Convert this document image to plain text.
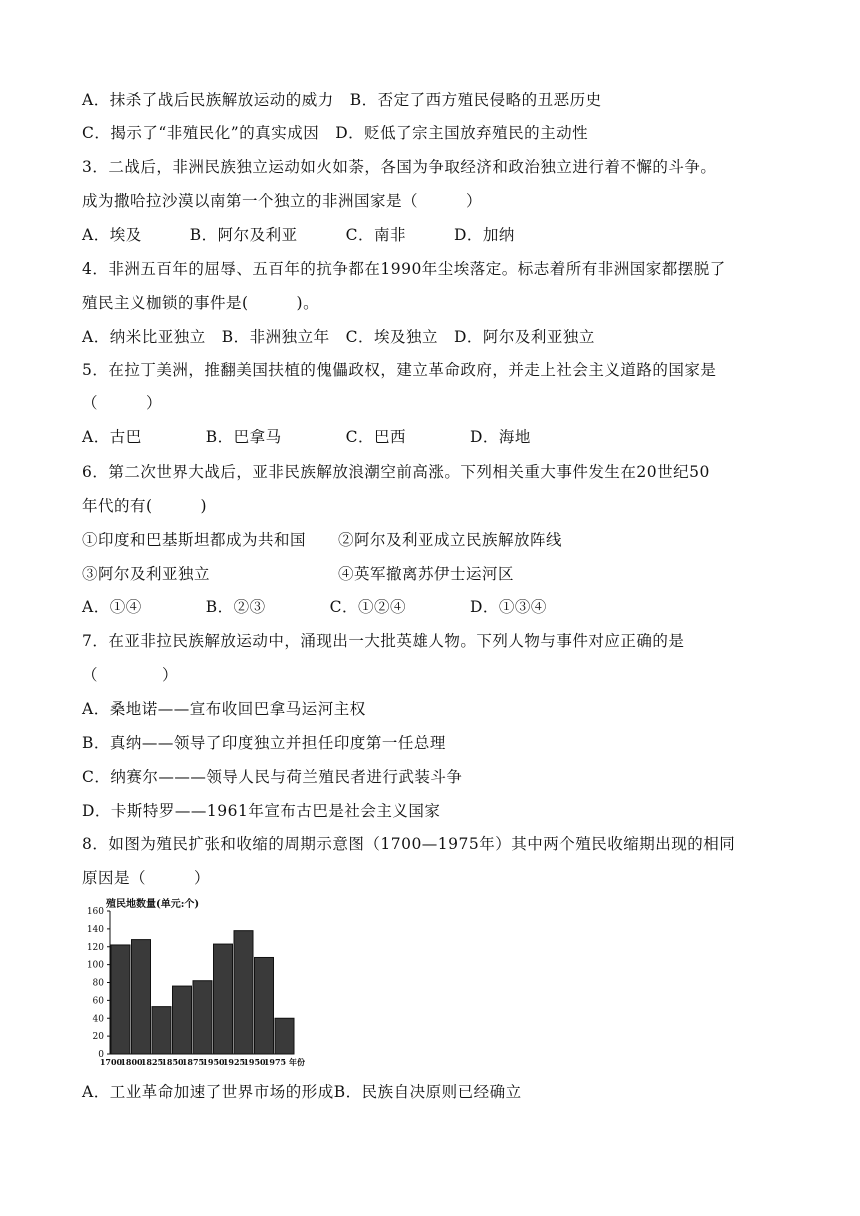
A．抹杀了战后民族解放运动的威力　B．否定了西方殖民侵略的丑恶历史
C．揭示了“非殖民化”的真实成因　D．贬低了宗主国放弃殖民的主动性
3．二战后，非洲民族独立运动如火如荼，各国为争取经济和政治独立进行着不懈的斗争。
成为撒哈拉沙漠以南第一个独立的非洲国家是（　　　）
A．埃及　　　B．阿尔及利亚　　　C．南非　　　D．加纳
4．非洲五百年的屈辱、五百年的抗争都在1990年尘埃落定。标志着所有非洲国家都摆脱了
殖民主义枷锁的事件是(　　　)。
A．纳米比亚独立　B．非洲独立年　C．埃及独立　D．阿尔及利亚独立
5．在拉丁美洲，推翻美国扶植的傀儡政权，建立革命政府，并走上社会主义道路的国家是
（　　　）
A．古巴　　　　B．巴拿马　　　　C．巴西　　　　D．海地
6．第二次世界大战后，亚非民族解放浪潮空前高涨。下列相关重大事件发生在20世纪50
年代的有(　　　)
①印度和巴基斯坦都成为共和国　　②阿尔及利亚成立民族解放阵线
③阿尔及利亚独立　　　　　　　　④英军撤离苏伊士运河区
A．①④　　　　B．②③　　　　C．①②④　　　　D．①③④
7．在亚非拉民族解放运动中，涌现出一大批英雄人物。下列人物与事件对应正确的是
（　　　　）
A．桑地诺——宣布收回巴拿马运河主权
B．真纳——领导了印度独立并担任印度第一任总理
C．纳赛尔———领导人民与荷兰殖民者进行武装斗争
D．卡斯特罗——1961年宣布古巴是社会主义国家
8．如图为殖民扩张和收缩的周期示意图（1700—1975年）其中两个殖民收缩期出现的相同
原因是（　　　）
殖民地数量(单元:个)
0
20
40
60
80
100
120
140
160
1700
1800
1825
1850
1875
1950
1925
1950
1975 年份
A．工业革命加速了世界市场的形成B．民族自决原则已经确立
